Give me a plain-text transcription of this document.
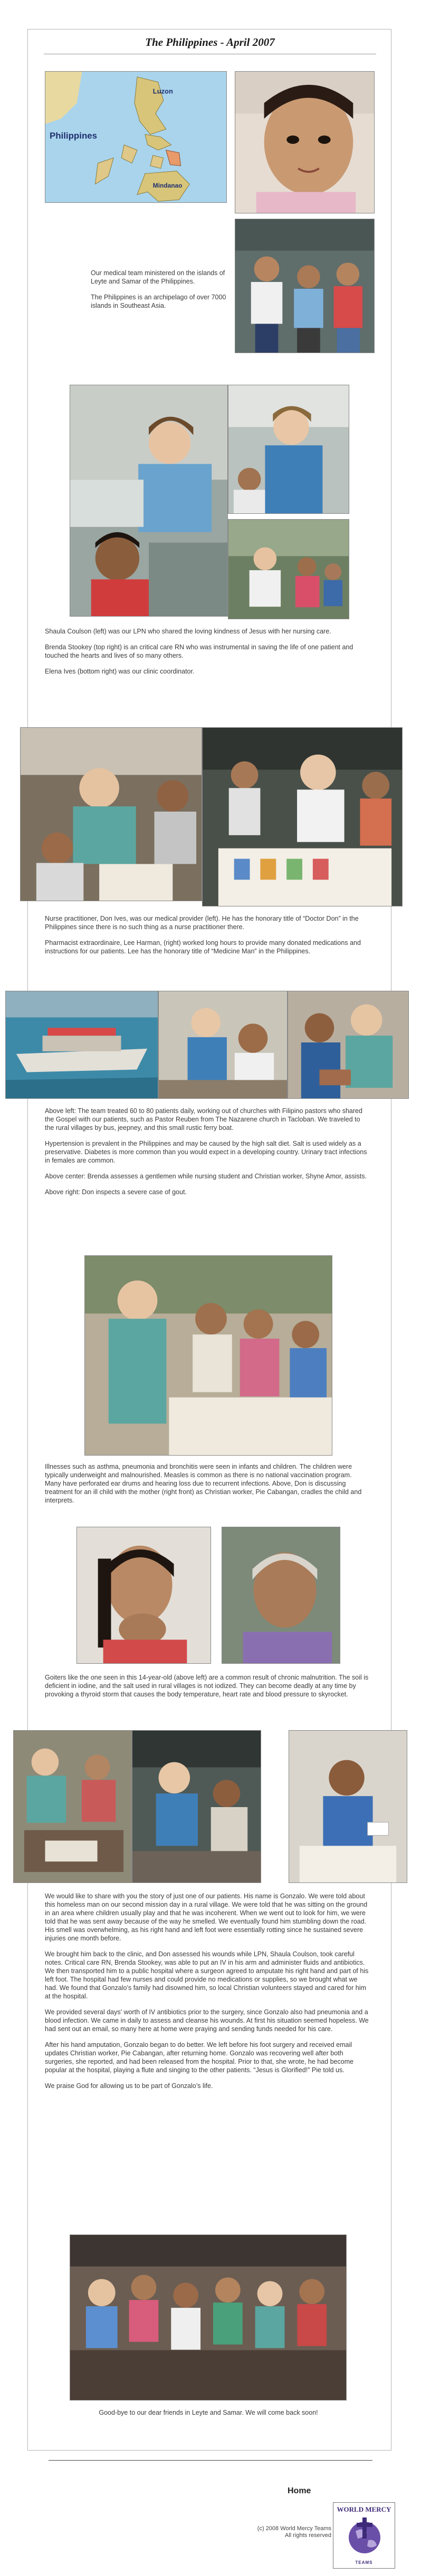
The Philippines - April 2007
Luzon
Philippines
Mindanao

Our medical team ministered on the islands of Leyte and Samar of the Philippines.

The Philippines is an archipelago of over 7000 islands in Southeast Asia.

Shaula Coulson (left) was our LPN who shared the loving kindness of Jesus with her nursing care.

Brenda Stookey (top right) is an critical care RN who was instrumental in saving the life of one patient and touched the hearts and lives of so many others.

Elena Ives (bottom right) was our clinic coordinator.

Nurse practitioner, Don Ives, was our medical provider (left). He has the honorary title of “Doctor Don” in the Philippines since there is no such thing as a nurse practitioner there.

Pharmacist extraordinaire, Lee Harman, (right) worked long hours to provide many donated medications and instructions for our patients. Lee has the honorary title of “Medicine Man” in the Philippines.

Above left: The team treated 60 to 80 patients daily, working out of churches with Filipino pastors who shared the Gospel with our patients, such as Pastor Reuben from The Nazarene church in Tacloban. We traveled to the rural villages by bus, jeepney, and this small rustic ferry boat.

Hypertension is prevalent in the Philippines and may be caused by the high salt diet. Salt is used widely as a preservative. Diabetes is more common than you would expect in a developing country. Urinary tract infections in females are common.

Above center: Brenda assesses a gentlemen while nursing student and Christian worker, Shyne Amor, assists.

Above right: Don inspects a severe case of gout.

Illnesses such as asthma, pneumonia and bronchitis were seen in infants and children. The children were typically underweight and malnourished. Measles is common as there is no national vaccination program. Many have perforated ear drums and hearing loss due to recurrent infections. Above, Don is discussing treatment for an ill child with the mother (right front) as Christian worker, Pie Cabangan, cradles the child and interprets.

Goiters like the one seen in this 14-year-old (above left) are a common result of chronic malnutrition. The soil is deficient in iodine, and the salt used in rural villages is not iodized. They can become deadly at any time by provoking a thyroid storm that causes the body temperature, heart rate and blood pressure to skyrocket.

We would like to share with you the story of just one of our patients. His name is Gonzalo. We were told about this homeless man on our second mission day in a rural village. We were told that he was sitting on the ground in an area where children usually play and that he was incoherent. When we went out to look for him, we were told that he was sent away because of the way he smelled. We eventually found him stumbling down the road. His smell was overwhelming, as his right hand and left foot were essentially rotting since he sustained severe injuries one month before.

We brought him back to the clinic, and Don assessed his wounds while LPN, Shaula Coulson, took careful notes. Critical care RN, Brenda Stookey, was able to put an IV in his arm and administer fluids and antibiotics. We then transported him to a public hospital where a surgeon agreed to amputate his right hand and part of his left foot. The hospital had few nurses and could provide no medications or supplies, so we brought what we had. We found that Gonzalo’s family had disowned him, so local Christian volunteers stayed and cared for him at the hospital.

We provided several days' worth of IV antibiotics prior to the surgery, since Gonzalo also had pneumonia and a blood infection. We came in daily to assess and cleanse his wounds. At first his situation seemed hopeless. We had sent out an email, so many here at home were praying and sending funds needed for his care.

After his hand amputation, Gonzalo began to do better. We left before his foot surgery and received email updates Christian worker, Pie Cabangan, after returning home. Gonzalo was recovering well after both surgeries, she reported, and had been released from the hospital. Prior to that, she wrote, he had become popular at the hospital, playing a flute and singing to the other patients. “Jesus is Glorified!” Pie told us.

We praise God for allowing us to be part of Gonzalo’s life.

Good-bye to our dear friends in Leyte and Samar. We will come back soon!
Home
WORLD MERCY
TEAMS
(c) 2008 World Mercy Teams
All rights reserved
